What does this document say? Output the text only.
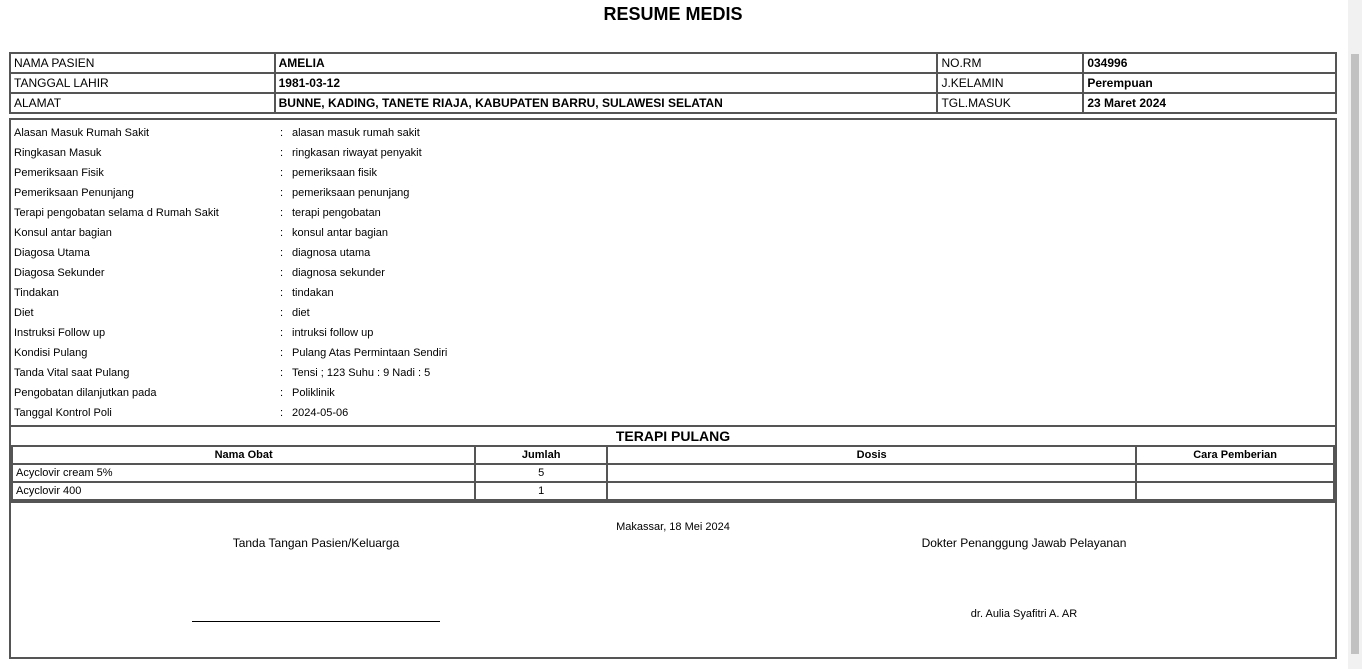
RESUME MEDIS
NAMA PASIEN	AMELIA	NO.RM	034996
TANGGAL LAHIR	1981-03-12	J.KELAMIN	Perempuan
ALAMAT	BUNNE, KADING, TANETE RIAJA, KABUPATEN BARRU, SULAWESI SELATAN	TGL.MASUK	23 Maret 2024
Alasan Masuk Rumah Sakit	: alasan masuk rumah sakit
Ringkasan Masuk	: ringkasan riwayat penyakit
Pemeriksaan Fisik	: pemeriksaan fisik
Pemeriksaan Penunjang	: pemeriksaan penunjang
Terapi pengobatan selama d Rumah Sakit	: terapi pengobatan
Konsul antar bagian	: konsul antar bagian
Diagosa Utama	: diagnosa utama
Diagosa Sekunder	: diagnosa sekunder
Tindakan	: tindakan
Diet	: diet
Instruksi Follow up	: intruksi follow up
Kondisi Pulang	: Pulang Atas Permintaan Sendiri
Tanda Vital saat Pulang	: Tensi ; 123 Suhu : 9 Nadi : 5
Pengobatan dilanjutkan pada	: Poliklinik
Tanggal Kontrol Poli	: 2024-05-06
TERAPI PULANG
Nama Obat	Jumlah	Dosis	Cara Pemberian
Acyclovir cream 5%	5		
Acyclovir 400	1		
Makassar, 18 Mei 2024
Tanda Tangan Pasien/Keluarga	Dokter Penanggung Jawab Pelayanan
dr. Aulia Syafitri A. AR
